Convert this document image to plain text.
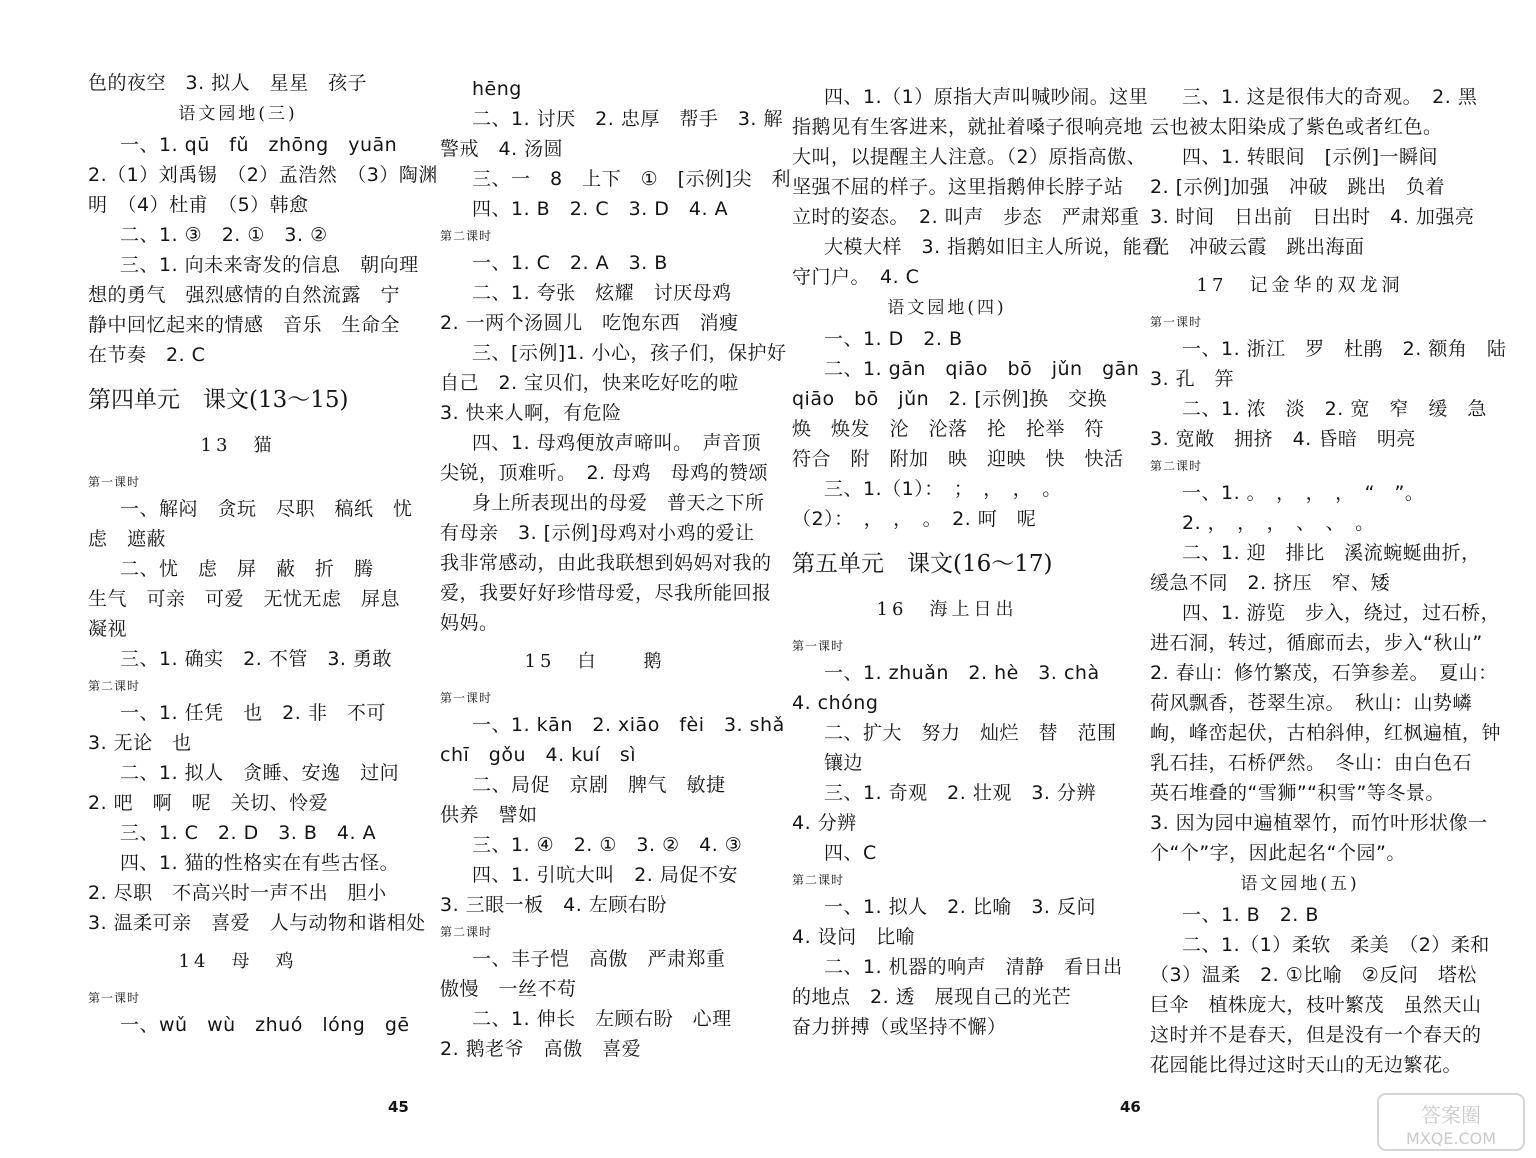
色的夜空　3. 拟人　星星　孩子
语文园地(三)
一、1. qū　fǔ　zhōng　yuān
2.（1）刘禹锡　（2）孟浩然　（3）陶渊
明　（4）杜甫　（5）韩愈
二、1. ③　2. ①　3. ②
三、1. 向未来寄发的信息　朝向理
想的勇气　强烈感情的自然流露　宁
静中回忆起来的情感　音乐　生命全
在节奏　2. C
第四单元　课文(13～15)
13　猫
第一课时
一、解闷　贪玩　尽职　稿纸　忧
虑　遮蔽
二、忧　虑　屏　蔽　折　腾
生气　可亲　可爱　无忧无虑　屏息
凝视
三、1. 确实　2. 不管　3. 勇敢
第二课时
一、1. 任凭　也　2. 非　不可
3. 无论　也
二、1. 拟人　贪睡、安逸　过问
2. 吧　啊　呢　关切、怜爱
三、1. C　2. D　3. B　4. A
四、1. 猫的性格实在有些古怪。
2. 尽职　不高兴时一声不出　胆小
3. 温柔可亲　喜爱　人与动物和谐相处
14　母　鸡
第一课时
一、wǔ　wù　zhuó　lóng　gē
hēng
二、1. 讨厌　2. 忠厚　帮手　3. 解
警戒　4. 汤圆
三、一　8　上下　①　[示例]尖　利
四、1. B　2. C　3. D　4. A
第二课时
一、1. C　2. A　3. B
二、1. 夸张　炫耀　讨厌母鸡
2. 一两个汤圆儿　吃饱东西　消瘦
三、[示例]1. 小心，孩子们，保护好
自己　2. 宝贝们，快来吃好吃的啦
3. 快来人啊，有危险
四、1. 母鸡便放声啼叫。　声音顶
尖锐，顶难听。　2. 母鸡　母鸡的赞颂
身上所表现出的母爱　普天之下所
有母亲　3. [示例]母鸡对小鸡的爱让
我非常感动，由此我联想到妈妈对我的
爱，我要好好珍惜母爱，尽我所能回报
妈妈。
15　白　　鹅
第一课时
一、1. kān　2. xiāo　fèi　3. shǎ
chī　gǒu　4. kuí　sì
二、局促　京剧　脾气　敏捷
供养　譬如
三、1. ④　2. ①　3. ②　4. ③
四、1. 引吭大叫　2. 局促不安
3. 三眼一板　4. 左顾右盼
第二课时
一、丰子恺　高傲　严肃郑重
傲慢　一丝不苟
二、1. 伸长　左顾右盼　心理
2. 鹅老爷　高傲　喜爱
45
四、1.（1）原指大声叫喊吵闹。这里
指鹅见有生客进来，就扯着嗓子很响亮地
大叫，以提醒主人注意。（2）原指高傲、
坚强不屈的样子。这里指鹅伸长脖子站
立时的姿态。　2. 叫声　步态　严肃郑重
大模大样　3. 指鹅如旧主人所说，能看
守门户。　4. C
语文园地(四)
一、1. D　2. B
二、1. gān　qiāo　bō　jǔn　gān
qiāo　bō　jǔn　2. [示例]换　交换
焕　焕发　沦　沦落　抡　抡举　符
符合　附　附加　映　迎映　快　快活
三、1.（1）：　；　，　，　。
（2）：　，　，　。　2. 呵　呢
第五单元　课文(16～17)
16　海上日出
第一课时
一、1. zhuǎn　2. hè　3. chà
4. chóng
二、扩大　努力　灿烂　替　范围
镶边
三、1. 奇观　2. 壮观　3. 分辨
4. 分辨
四、C
第二课时
一、1. 拟人　2. 比喻　3. 反问
4. 设问　比喻
二、1. 机器的响声　清静　看日出
的地点　2. 透　展现自己的光芒
奋力拼搏（或坚持不懈）
三、1. 这是很伟大的奇观。　2. 黑
云也被太阳染成了紫色或者红色。
四、1. 转眼间　[示例]一瞬间
2. [示例]加强　冲破　跳出　负着
3. 时间　日出前　日出时　4. 加强亮
光　冲破云霞　跳出海面
17　记金华的双龙洞
第一课时
一、1. 浙江　罗　杜鹃　2. 额角　陆
3. 孔　笄
二、1. 浓　淡　2. 宽　窄　缓　急
3. 宽敞　拥挤　4. 昏暗　明亮
第二课时
一、1. 。　，　，　，　“　”。
2. ，　，　，　、　、　。
二、1. 迎　排比　溪流蜿蜒曲折，
缓急不同　2. 挤压　窄、矮
四、1. 游览　步入，绕过，过石桥，
进石洞，转过，循廊而去，步入“秋山”
2. 春山：修竹繁茂，石笋参差。　夏山：
荷风飘香，苍翠生凉。　秋山：山势嶙
峋，峰峦起伏，古柏斜伸，红枫遍植，钟
乳石挂，石桥俨然。　冬山：由白色石
英石堆叠的“雪狮”“积雪”等冬景。
3. 因为园中遍植翠竹，而竹叶形状像一
个“个”字，因此起名“个园”。
语文园地(五)
一、1. B　2. B
二、1.（1）柔软　柔美　（2）柔和
（3）温柔　2. ①比喻　②反问　塔松
巨伞　植株庞大，枝叶繁茂　虽然天山
这时并不是春天，但是没有一个春天的
花园能比得过这时天山的无边繁花。
46	答案圈
MXQE.COM
